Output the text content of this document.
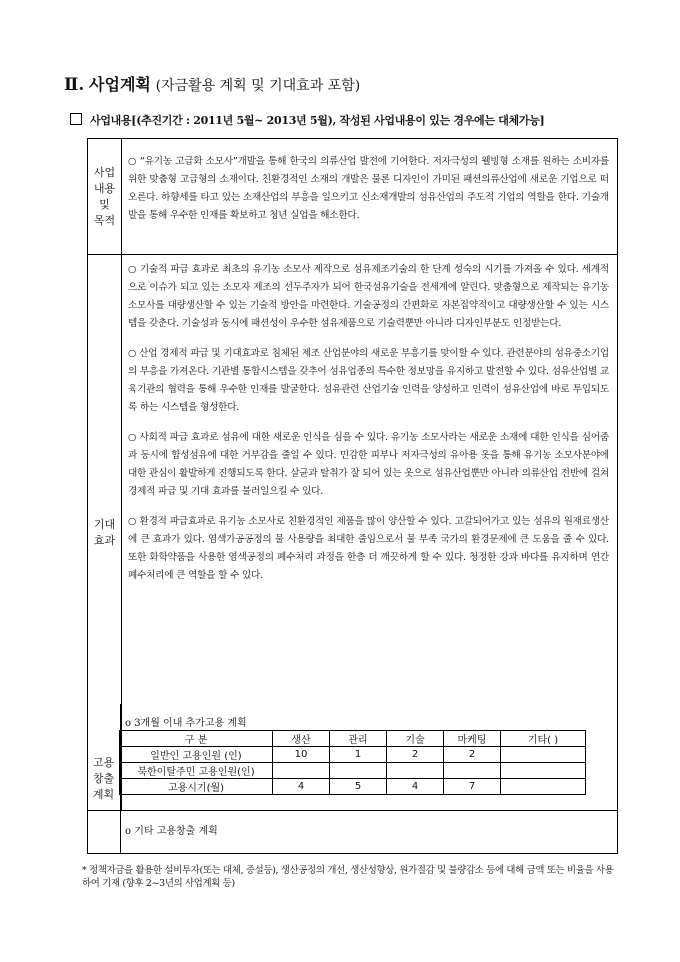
Ⅱ. 사업계획 (자금활용 계획 및 기대효과 포함)
사업내용[(추진기간 : 2011년 5월~ 2013년 5월), 작성된 사업내용이 있는 경우에는 대체가능]
사업
내용
및
목적
○ “유기농 고급화 소모사”개발을 통해 한국의 의류산업 발전에 기여한다. 저자극성의 웰빙형 소재를 원하는 소비자를 위한 맞춤형 고급형의 소재이다. 친환경적인 소재의 개발은 물론 디자인이 가미된 패션의류산업에 새로운 기업으로 떠오른다. 하향세를 타고 있는 소재산업의 부흥을 일으키고 신소재개발의 섬유산업의 주도적 기업의 역할을 한다. 기술개발을 통해 우수한 인재를 확보하고 청년 실업을 해소한다.
기대
효과

○ 기술적 파급 효과로 최초의 유기농 소모사 제작으로 섬유제조기술의 한 단계 성숙의 시기를 가져올 수 있다. 세계적으로 이슈가 되고 있는 소모자 제조의 선두주자가 되어 한국섬유기술을 전세계에 알린다. 맞춤형으로 제작되는 유기농 소모사를 대량생산할 수 있는 기술적 방안을 마련한다. 기술공정의 간편화로 자본집약적이고 대량생산할 수 있는 시스템을 갖춘다. 기술성과 동시에 패션성이 우수한 섬유제품으로 기술력뿐만 아니라 디자인부분도 인정받는다.

○ 산업 경제적 파급 및 기대효과로 침체된 제조 산업분야의 새로운 부흥기를 맞이할 수 있다. 관련분야의 섬유중소기업의 부흥을 가져온다. 기관별 통합시스템을 갖추어 섬유업종의 특수한 정보망을 유지하고 발전할 수 있다. 섬유산업별 교육기관의 협력을 통해 우수한 인재를 발굴한다. 섬유관련 산업기술 인력을 양성하고 인력이 섬유산업에 바로 투입되도록 하는 시스템을 형성한다.

○ 사회적 파급 효과로 섬유에 대한 새로운 인식을 심을 수 있다. 유기농 소모사라는 새로운 소재에 대한 인식을 심어줌과 동시에 합성섬유에 대한 거부감을 줄일 수 있다. 민감한 피부나 저자극성의 유아용 옷을 통해 유기농 소모사분야에 대한 관심이 활발하게 진행되도록 한다. 살균과 탈취가 잘 되어 있는 옷으로 섬유산업뿐만 아니라 의류산업 전반에 걸쳐 경제적 파급 및 기대 효과를 불러일으킬 수 있다.

○ 환경적 파급효과로 유기농 소모사로 친환경적인 제품을 많이 양산할 수 있다. 고갈되어가고 있는 섬유의 원재료생산에 큰 효과가 있다. 염색가공공정의 물 사용량을 최대한 줄임으로서 물 부족 국가의 환경문제에 큰 도움을 줄 수 있다. 또한 화학약품을 사용한 염색공정의 폐수처리 과정을 한층 더 깨끗하게 할 수 있다. 청정한 강과 바다를 유지하며 연간 폐수처리에 큰 역할을 할 수 있다.

고용
창출
계획
ο 3개월 이내 추가고용 계획
구 분	생산	관리	기술	마케팅	기타( )
일반인 고용인원 (인)	10	1	2	2	
북한이탈주민 고용인원(인)					
고용시기(월)	4	5	4	7	
ο 기타 고용창출 계획
* 정책자금을 활용한 설비투자(또는 대체, 증설등), 생산공정의 개선, 생산성향상, 원가절감 및 불량감소 등에 대해 금액 또는 비율을 사용하여 기재 (향후 2~3년의 사업계획 등)
